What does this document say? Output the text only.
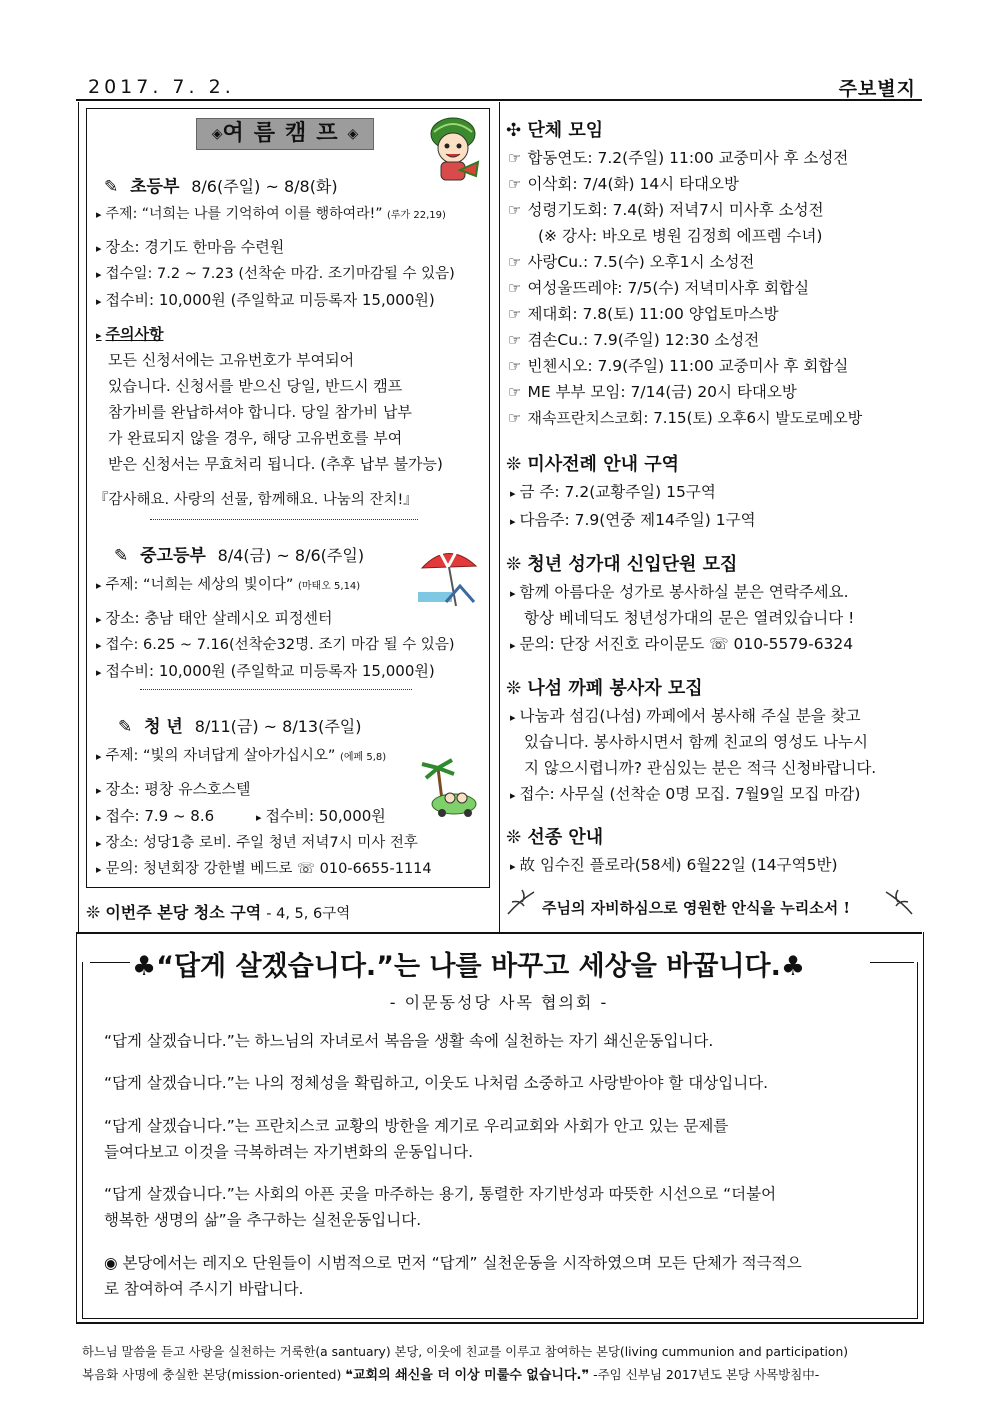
2017. 7. 2.	주보별지
◈여름캠프◈
✎ 초등부 8/6(주일) ~ 8/8(화)
▸ 주제: “너희는 나를 기억하여 이를 행하여라!” (루가 22,19)
▸ 장소: 경기도 한마음 수련원
▸ 접수일: 7.2 ~ 7.23 (선착순 마감. 조기마감될 수 있음)
▸ 접수비: 10,000원 (주일학교 미등록자 15,000원)
▸ 주의사항
모든 신청서에는 고유번호가 부여되어
있습니다. 신청서를 받으신 당일, 반드시 캠프
참가비를 완납하셔야 합니다. 당일 참가비 납부
가 완료되지 않을 경우, 해당 고유번호를 부여
받은 신청서는 무효처리 됩니다. (추후 납부 불가능)
『감사해요. 사랑의 선물, 함께해요. 나눔의 잔치!』
✎ 중고등부 8/4(금) ~ 8/6(주일)
▸ 주제: “너희는 세상의 빛이다” (마태오 5,14)
▸ 장소: 충남 태안 살레시오 피정센터
▸ 접수: 6.25 ~ 7.16(선착순32명. 조기 마감 될 수 있음)
▸ 접수비: 10,000원 (주일학교 미등록자 15,000원)
✎ 청 년 8/11(금) ~ 8/13(주일)
▸ 주제: “빛의 자녀답게 살아가십시오” (에페 5,8)
▸ 장소: 평창 유스호스텔
▸ 접수: 7.9 ~ 8.6
▸	접수비: 50,000원
▸ 장소: 성당1층 로비. 주일 청년 저녁7시 미사 전후
▸ 문의: 청년회장 강한별 베드로 ☏ 010-6655-1114
❊ 이번주 본당 청소 구역 - 4, 5, 6구역
✣ 단체 모임
☞ 합동연도: 7.2(주일) 11:00 교중미사 후 소성전
☞ 이삭회: 7/4(화) 14시 타대오방
☞ 성령기도회: 7.4(화) 저녁7시 미사후 소성전
(※ 강사: 바오로 병원 김정희 에프렘 수녀)
☞ 사랑Cu.: 7.5(수) 오후1시 소성전
☞ 여성울뜨레야: 7/5(수) 저녁미사후 회합실
☞ 제대회: 7.8(토) 11:00 양업토마스방
☞ 겸손Cu.: 7.9(주일) 12:30 소성전
☞ 빈첸시오: 7.9(주일) 11:00 교중미사 후 회합실
☞ ME 부부 모임: 7/14(금) 20시 타대오방
☞ 재속프란치스코회: 7.15(토) 오후6시 발도로메오방
❊ 미사전례 안내 구역
▸ 금 주: 7.2(교황주일) 15구역
▸ 다음주: 7.9(연중 제14주일) 1구역
❊ 청년 성가대 신입단원 모집
▸ 함께 아름다운 성가로 봉사하실 분은 연락주세요.
항상 베네딕도 청년성가대의 문은 열려있습니다 !
▸ 문의: 단장 서진호 라이문도 ☏ 010-5579-6324
❊ 나섬 까페 봉사자 모집
▸ 나눔과 섬김(나섬) 까페에서 봉사해 주실 분을 찾고
있습니다. 봉사하시면서 함께 친교의 영성도 나누시
지 않으시렵니까? 관심있는 분은 적극 신청바랍니다.
▸ 접수: 사무실 (선착순 0명 모집. 7월9일 모집 마감)
❊ 선종 안내
▸ 故 임수진 플로라(58세) 6월22일 (14구역5반)
주님의 자비하심으로 영원한 안식을 누리소서 !
♣“답게 살겠습니다.”는 나를 바꾸고 세상을 바꿉니다.♣
- 이문동성당 사목 협의회 -
“답게 살겠습니다.”는 하느님의 자녀로서 복음을 생활 속에 실천하는 자기 쇄신운동입니다.
“답게 살겠습니다.”는 나의 정체성을 확립하고, 이웃도 나처럼 소중하고 사랑받아야 할 대상입니다.
“답게 살겠습니다.”는 프란치스코 교황의 방한을 계기로 우리교회와 사회가 안고 있는 문제를
들여다보고 이것을 극복하려는 자기변화의 운동입니다.
“답게 살겠습니다.”는 사회의 아픈 곳을 마주하는 용기, 통렬한 자기반성과 따뜻한 시선으로 “더불어
행복한 생명의 삶”을 추구하는 실천운동입니다.
◉ 본당에서는 레지오 단원들이 시범적으로 먼저 “답게” 실천운동을 시작하였으며 모든 단체가 적극적으
로 참여하여 주시기 바랍니다.
하느님 말씀을 듣고 사랑을 실천하는 거룩한(a santuary) 본당, 이웃에 친교를 이루고 참여하는 본당(living cummunion and participation)
복음화 사명에 충실한 본당(mission-oriented) ❝교회의 쇄신을 더 이상 미룰수 없습니다.❞ -주임 신부님 2017년도 본당 사목방침中-
